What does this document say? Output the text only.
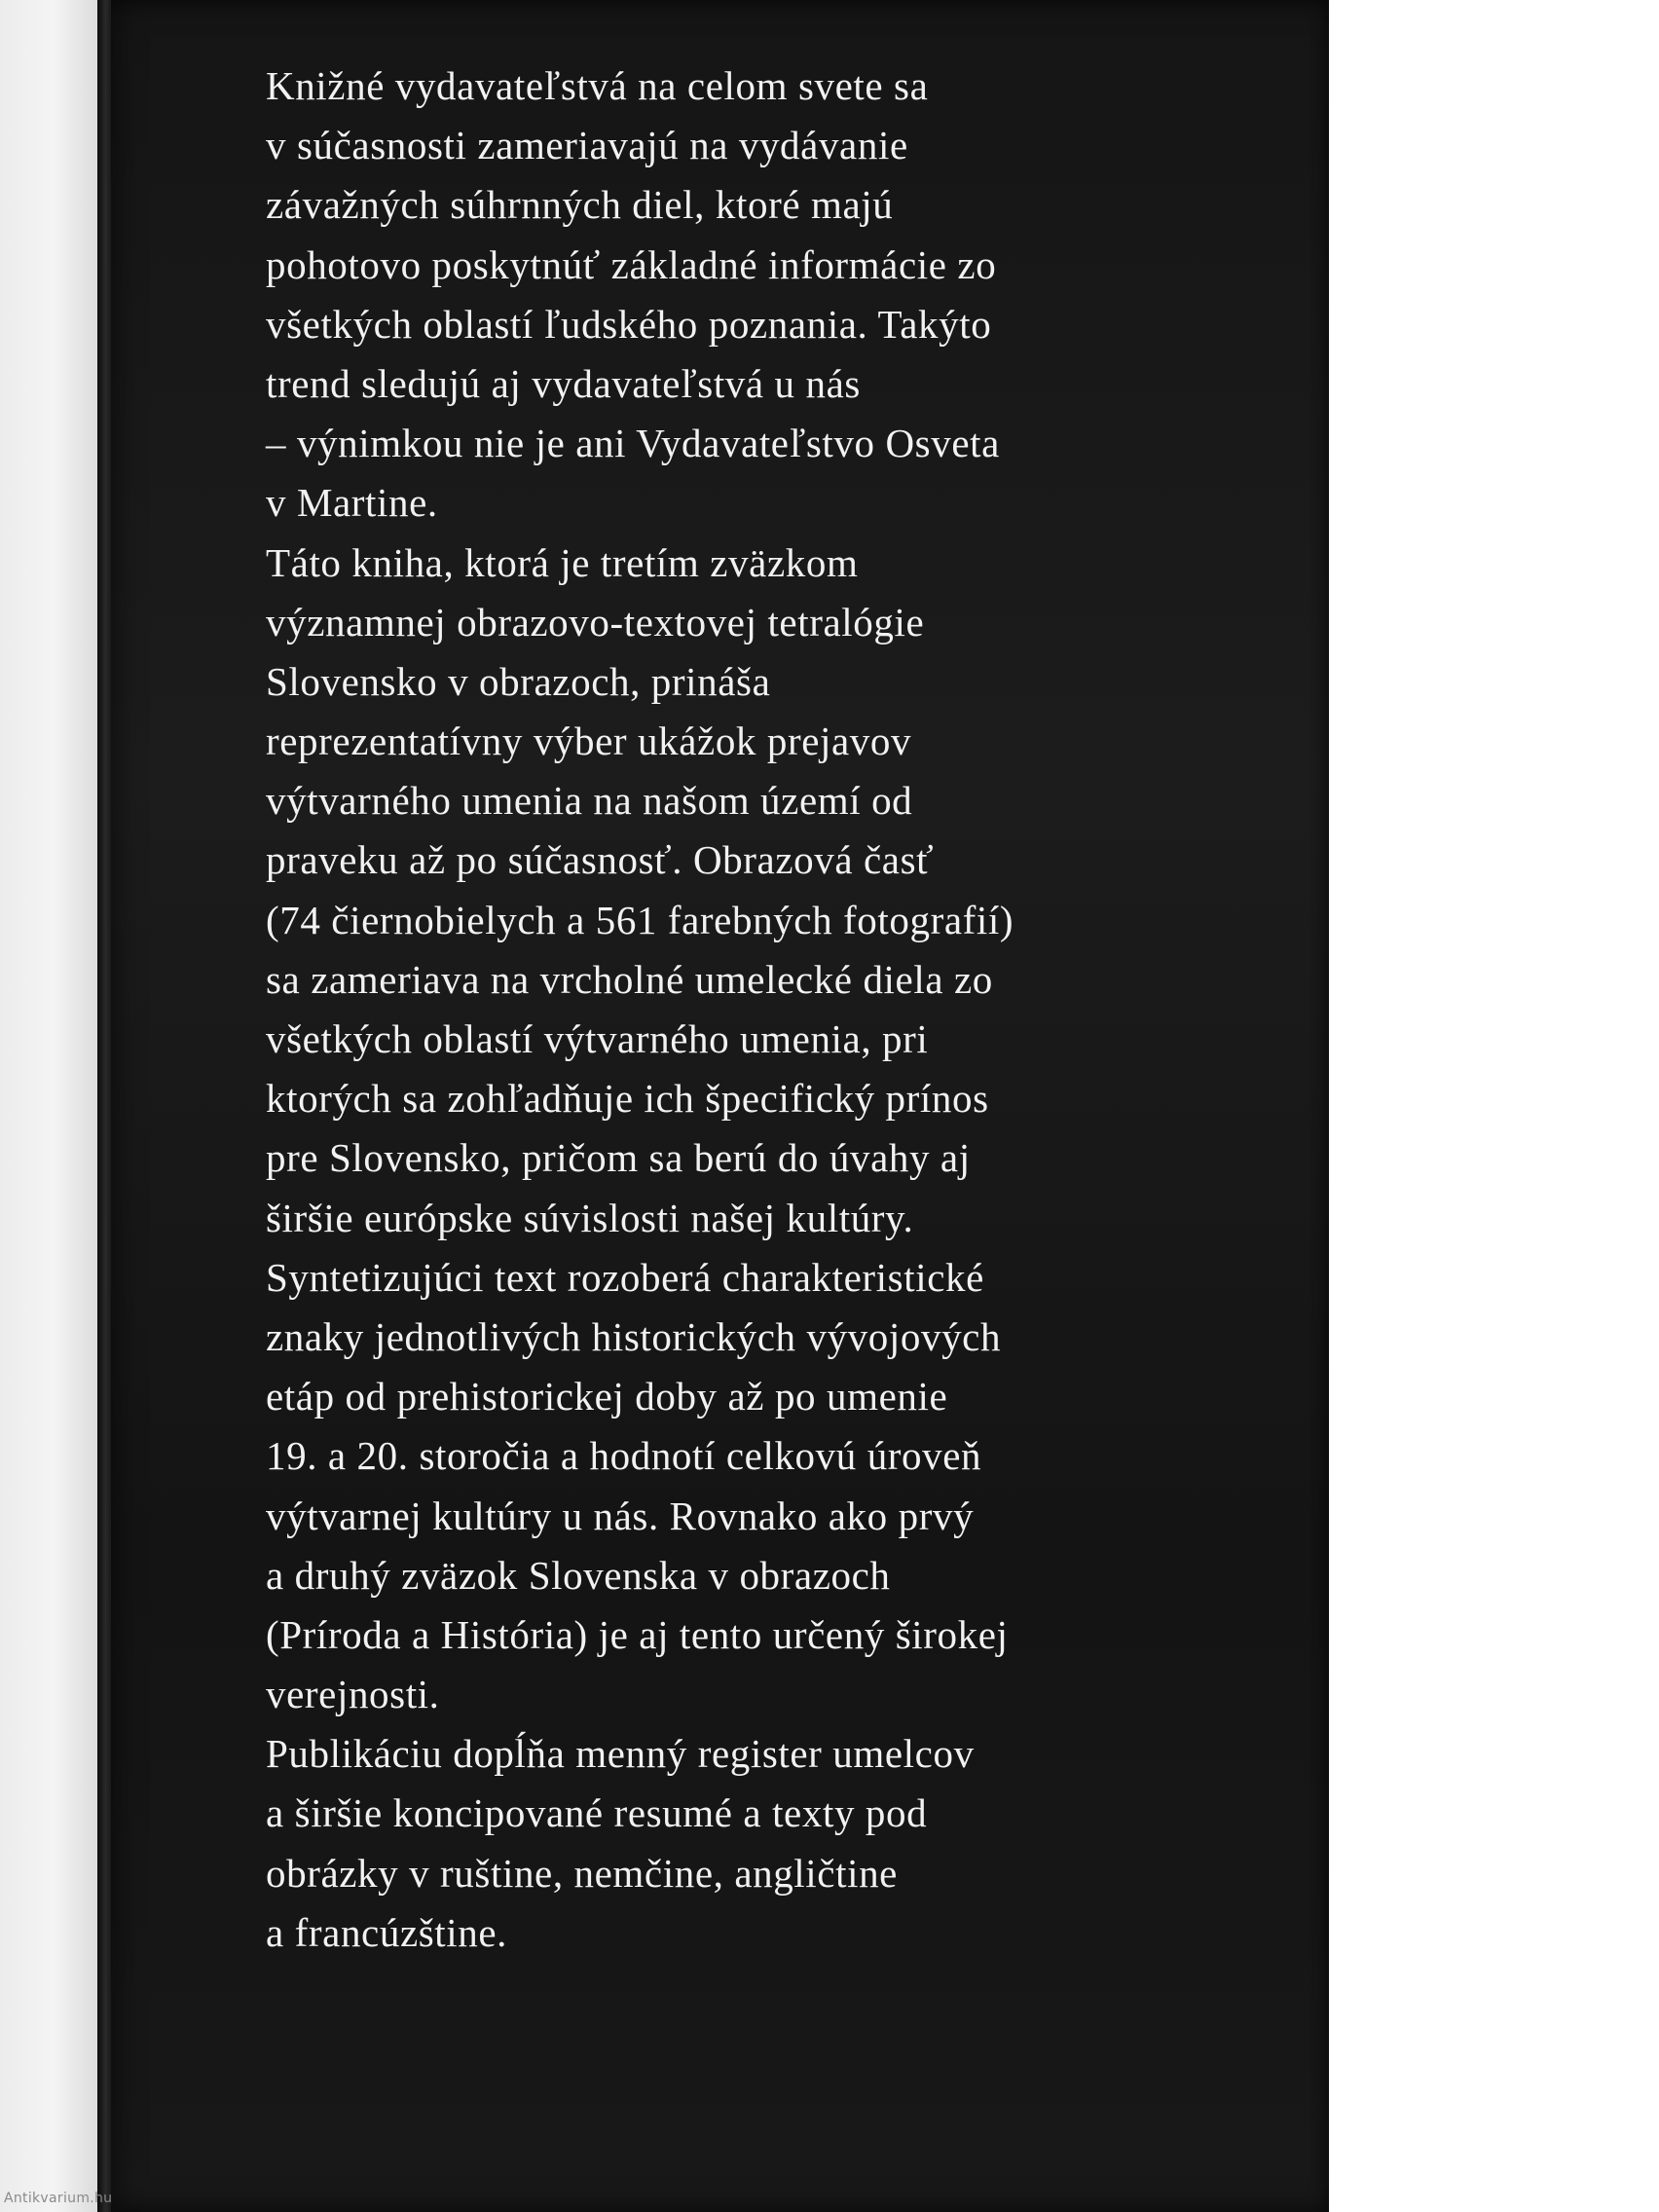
Knižné vydavateľstvá na celom svete sa
v súčasnosti zameriavajú na vydávanie
závažných súhrnných diel, ktoré majú
pohotovo poskytnúť základné informácie zo
všetkých oblastí ľudského poznania. Takýto
trend sledujú aj vydavateľstvá u nás
– výnimkou nie je ani Vydavateľstvo Osveta
v Martine.
Táto kniha, ktorá je tretím zväzkom
významnej obrazovo-textovej tetralógie
Slovensko v obrazoch, prináša
reprezentatívny výber ukážok prejavov
výtvarného umenia na našom území od
praveku až po súčasnosť. Obrazová časť
(74 čiernobielych a 561 farebných fotografií)
sa zameriava na vrcholné umelecké diela zo
všetkých oblastí výtvarného umenia, pri
ktorých sa zohľadňuje ich špecifický prínos
pre Slovensko, pričom sa berú do úvahy aj
širšie európske súvislosti našej kultúry.
Syntetizujúci text rozoberá charakteristické
znaky jednotlivých historických vývojových
etáp od prehistorickej doby až po umenie
19. a 20. storočia a hodnotí celkovú úroveň
výtvarnej kultúry u nás. Rovnako ako prvý
a druhý zväzok Slovenska v obrazoch
(Príroda a História) je aj tento určený širokej
verejnosti.
Publikáciu dopĺňa menný register umelcov
a širšie koncipované resumé a texty pod
obrázky v ruštine, nemčine, angličtine
a francúzštine.
Antikvarium.hu
